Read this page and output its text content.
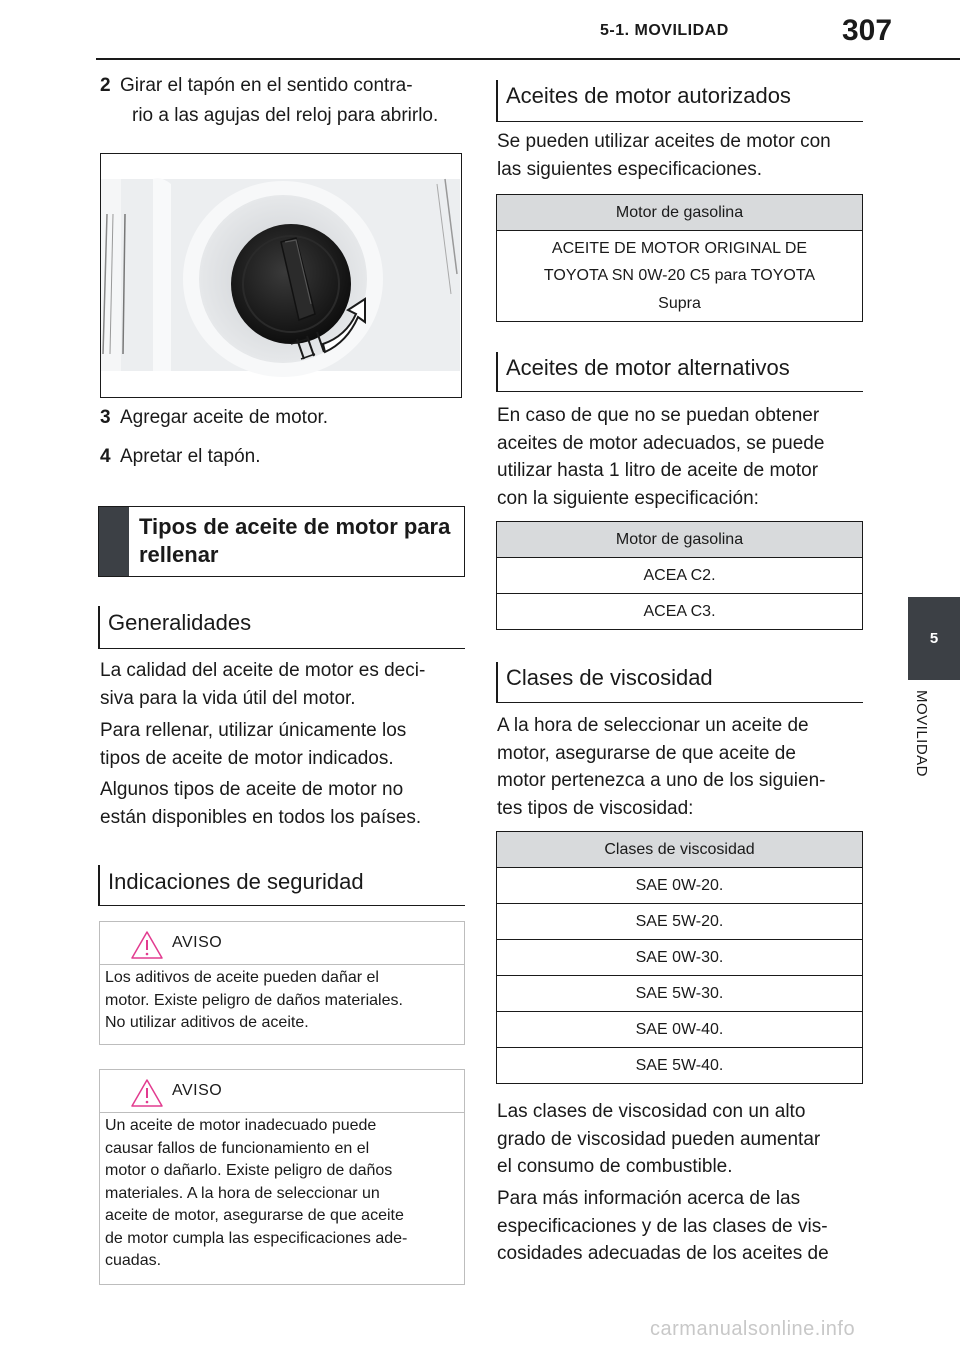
5-1. MOVILIDAD	307
5
MOVILIDAD
2 Girar el tapón en el sentido contra-
rio a las agujas del reloj para abrirlo.
3 Agregar aceite de motor.
4 Apretar el tapón.
Tipos de aceite de motor para
rellenar
Generalidades
La calidad del aceite de motor es deci-
siva para la vida útil del motor.
Para rellenar, utilizar únicamente los
tipos de aceite de motor indicados.
Algunos tipos de aceite de motor no
están disponibles en todos los países.
Indicaciones de seguridad
AVISO
Los aditivos de aceite pueden dañar el
motor. Existe peligro de daños materiales.
No utilizar aditivos de aceite.
AVISO
Un aceite de motor inadecuado puede
causar fallos de funcionamiento en el
motor o dañarlo. Existe peligro de daños
materiales. A la hora de seleccionar un
aceite de motor, asegurarse de que aceite
de motor cumpla las especificaciones ade-
cuadas.
Aceites de motor autorizados
Se pueden utilizar aceites de motor con
las siguientes especificaciones.
Motor de gasolina

ACEITE DE MOTOR ORIGINAL DE
TOYOTA SN 0W-20 C5 para TOYOTA
Supra
Aceites de motor alternativos
En caso de que no se puedan obtener
aceites de motor adecuados, se puede
utilizar hasta 1 litro de aceite de motor
con la siguiente especificación:
Motor de gasolina
ACEA C2.
ACEA C3.
Clases de viscosidad
A la hora de seleccionar un aceite de
motor, asegurarse de que aceite de
motor pertenezca a uno de los siguien-
tes tipos de viscosidad:
Clases de viscosidad
SAE 0W-20.
SAE 5W-20.
SAE 0W-30.
SAE 5W-30.
SAE 0W-40.
SAE 5W-40.
Las clases de viscosidad con un alto
grado de viscosidad pueden aumentar
el consumo de combustible.
Para más información acerca de las
especificaciones y de las clases de vis-
cosidades adecuadas de los aceites de
carmanualsonline.info
